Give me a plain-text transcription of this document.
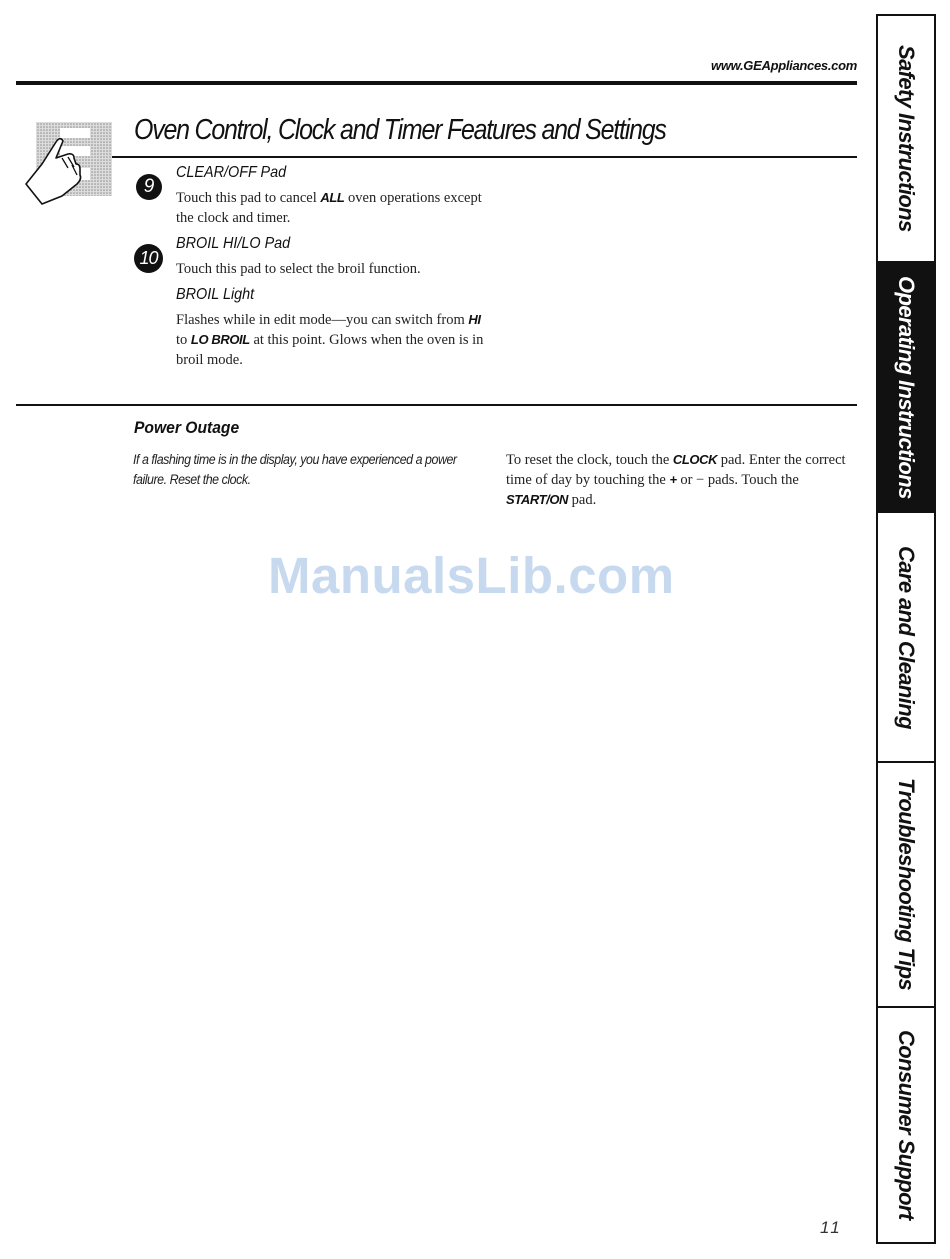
www.GEAppliances.com
Oven Control, Clock and Timer Features and Settings
9
CLEAR/OFF Pad
Touch this pad to cancel ALL oven operations except the clock and timer.
10
BROIL HI/LO Pad
Touch this pad to select the broil function.
BROIL Light
Flashes while in edit mode—you can switch from HI to LO BROIL at this point. Glows when the oven is in broil mode.
Power Outage
If a flashing time is in the display, you have experienced a power failure. Reset the clock.
To reset the clock, touch the CLOCK pad. Enter the correct time of day by touching the + or − pads. Touch the START/ON pad.
ManualsLib.com
11
Safety Instructions
Operating Instructions
Care and Cleaning
Troubleshooting Tips
Consumer Support
